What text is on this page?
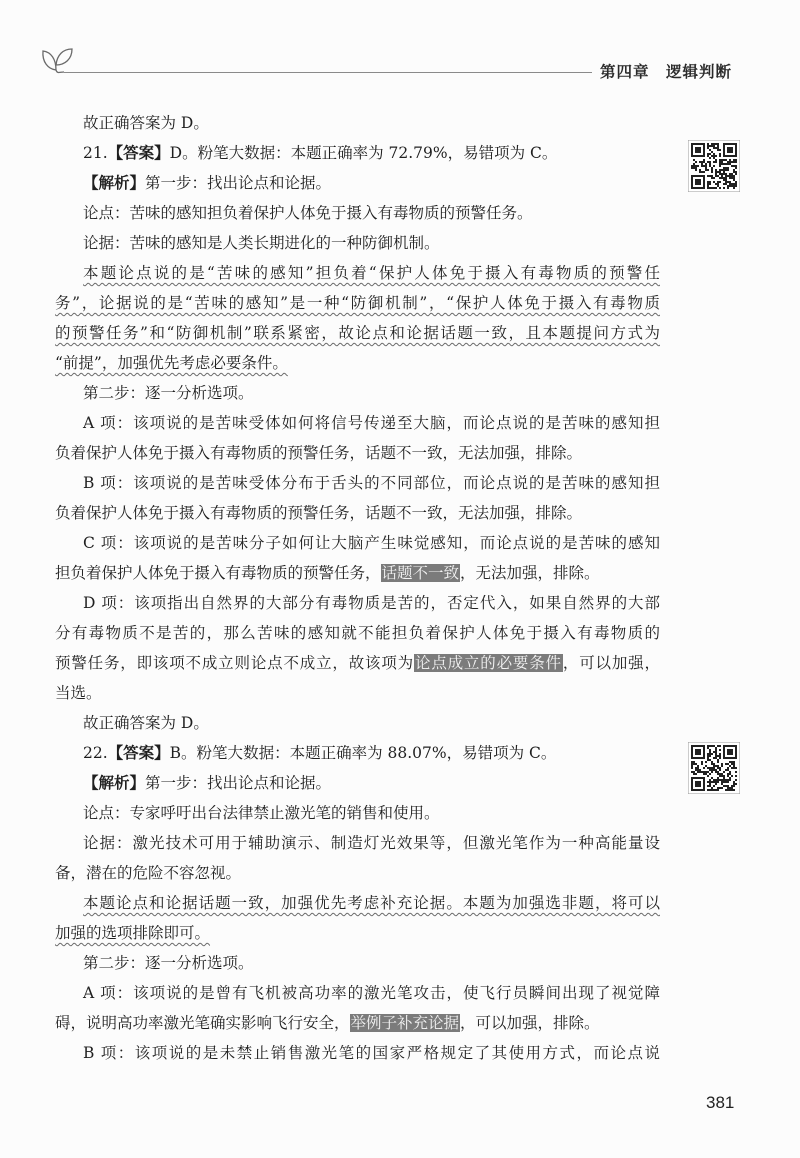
第四章　逻辑判断
故正确答案为 D。
21.【答案】D。粉笔大数据：本题正确率为 72.79%，易错项为 C。
【解析】第一步：找出论点和论据。
论点：苦味的感知担负着保护人体免于摄入有毒物质的预警任务。
论据：苦味的感知是人类长期进化的一种防御机制。
本题论点说的是“苦味的感知”担负着“保护人体免于摄入有毒物质的预警任
务”，论据说的是“苦味的感知”是一种“防御机制”，“保护人体免于摄入有毒物质
的预警任务”和“防御机制”联系紧密，故论点和论据话题一致，且本题提问方式为
“前提”，加强优先考虑必要条件。
第二步：逐一分析选项。
A 项：该项说的是苦味受体如何将信号传递至大脑，而论点说的是苦味的感知担
负着保护人体免于摄入有毒物质的预警任务，话题不一致，无法加强，排除。
B 项：该项说的是苦味受体分布于舌头的不同部位，而论点说的是苦味的感知担
负着保护人体免于摄入有毒物质的预警任务，话题不一致，无法加强，排除。
C 项：该项说的是苦味分子如何让大脑产生味觉感知，而论点说的是苦味的感知
担负着保护人体免于摄入有毒物质的预警任务，话题不一致，无法加强，排除。
D 项：该项指出自然界的大部分有毒物质是苦的，否定代入，如果自然界的大部
分有毒物质不是苦的，那么苦味的感知就不能担负着保护人体免于摄入有毒物质的
预警任务，即该项不成立则论点不成立，故该项为论点成立的必要条件，可以加强，
当选。
故正确答案为 D。
22.【答案】B。粉笔大数据：本题正确率为 88.07%，易错项为 C。
【解析】第一步：找出论点和论据。
论点：专家呼吁出台法律禁止激光笔的销售和使用。
论据：激光技术可用于辅助演示、制造灯光效果等，但激光笔作为一种高能量设
备，潜在的危险不容忽视。
本题论点和论据话题一致，加强优先考虑补充论据。本题为加强选非题，将可以
加强的选项排除即可。
第二步：逐一分析选项。
A 项：该项说的是曾有飞机被高功率的激光笔攻击，使飞行员瞬间出现了视觉障
碍，说明高功率激光笔确实影响飞行安全，举例子补充论据，可以加强，排除。
B 项：该项说的是未禁止销售激光笔的国家严格规定了其使用方式，而论点说
381
